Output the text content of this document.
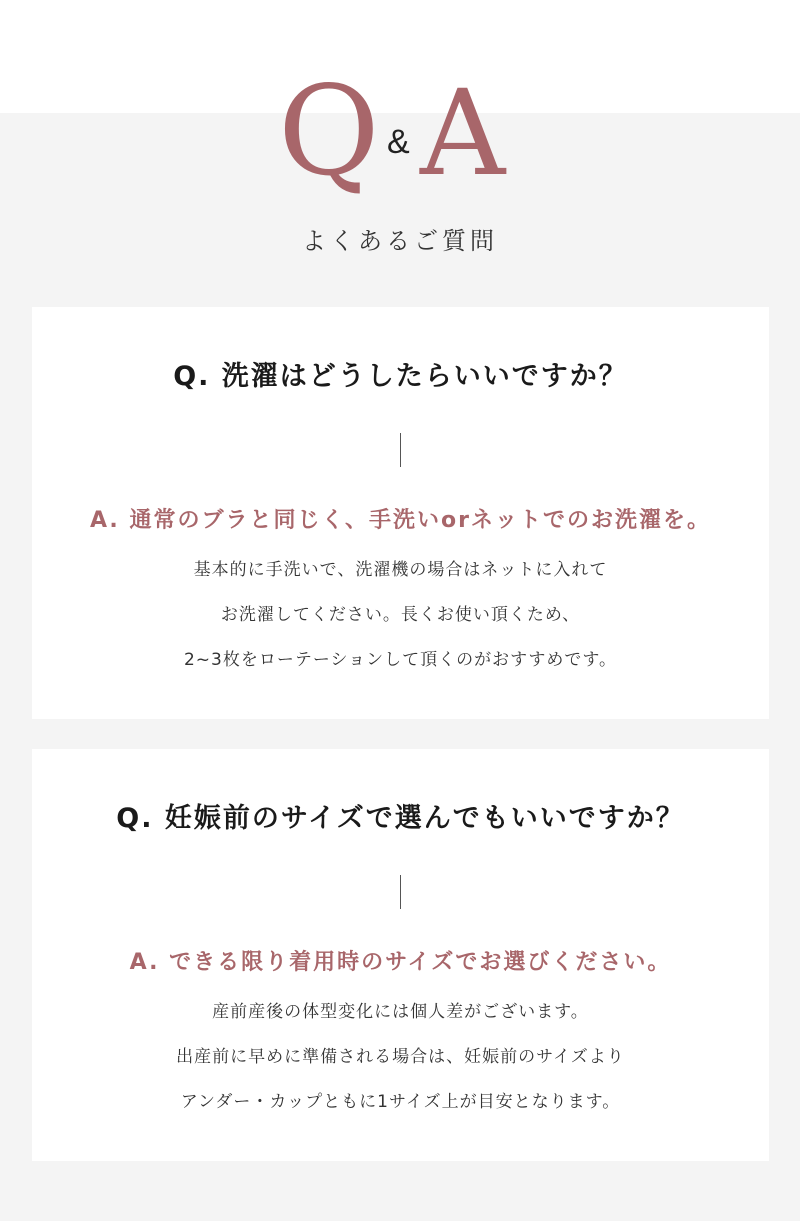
Q & A
よくあるご質問
Q. 洗濯はどうしたらいいですか？

A. 通常のブラと同じく、手洗いorネットでのお洗濯を。

基本的に手洗いで、洗濯機の場合はネットに入れて
お洗濯してください。長くお使い頂くため、
2~3枚をローテーションして頂くのがおすすめです。
Q. 妊娠前のサイズで選んでもいいですか？

A. できる限り着用時のサイズでお選びください。

産前産後の体型変化には個人差がございます。
出産前に早めに準備される場合は、妊娠前のサイズより
アンダー・カップともに1サイズ上が目安となります。
